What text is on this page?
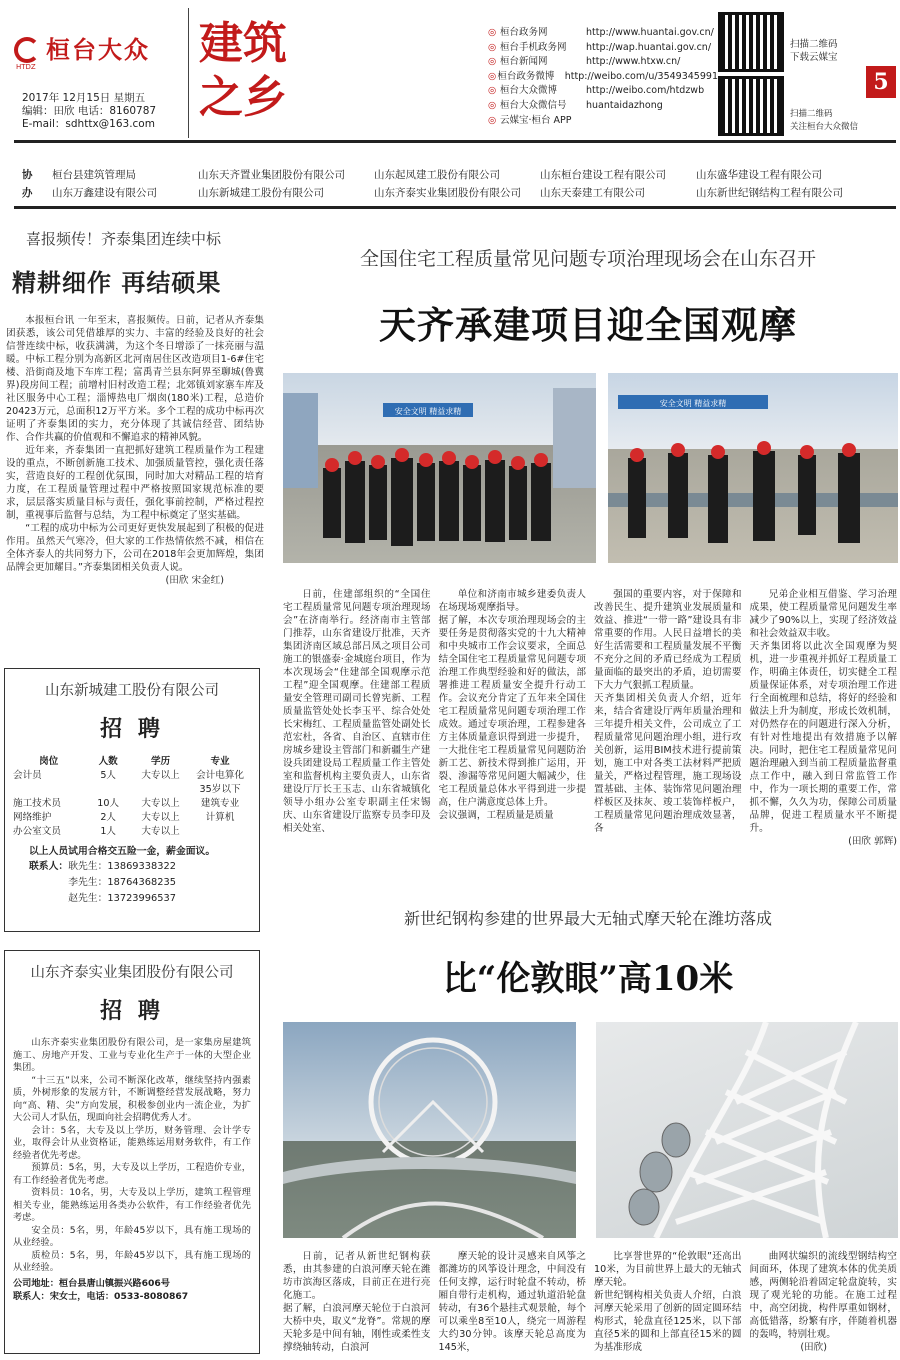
桓台大众
HTDZ
2017年 12月15日 星期五
编辑：田欣 电话：8160787
E-mail：sdhttx@163.com
建筑
之乡
◎ 桓台政务网	http://www.huantai.gov.cn/
◎ 桓台手机政务网	http://wap.huantai.gov.cn/
◎ 桓台新闻网	http://www.htxw.cn/
◎ 桓台政务微博	http://weibo.com/u/3549345991
◎ 桓台大众微博	http://weibo.com/htdzwb
◎ 桓台大众微信号	huantaidazhong
◎ 云媒宝·桓台 APP
扫描二维码
下载云媒宝
扫描二维码
关注桓台大众微信
5
协
办
桓台县建筑管理局	山东天齐置业集团股份有限公司	山东起凤建工股份有限公司	山东桓台建设工程有限公司	山东盛华建设工程有限公司
山东万鑫建设有限公司	山东新城建工股份有限公司	山东齐泰实业集团股份有限公司	山东天泰建工有限公司	山东新世纪钢结构工程有限公司
喜报频传！齐泰集团连续中标
精耕细作 再结硕果
本报桓台讯 一年至末，喜报频传。日前，记者从齐泰集团获悉，该公司凭借雄厚的实力、丰富的经验及良好的社会信誉连续中标，收获满满，为这个冬日增添了一抹亮丽与温暖。中标工程分别为高新区北河南居住区改造项目1-6#住宅楼、沿街商及地下车库工程；富禹青兰县东阿界至聊城(鲁冀界)段房间工程；前增村旧村改造工程；北郊镇刘家寨车库及社区服务中心工程；淄博热电厂烟囱(180米)工程，总造价20423万元，总面积12万平方米。多个工程的成功中标再次证明了齐泰集团的实力，充分体现了其诚信经营、团结协作、合作共赢的价值观和不懈追求的精神风貌。
近年来，齐泰集团一直把抓好建筑工程质量作为工程建设的重点，不断创新施工技术、加强质量管控，强化责任落实，营造良好的工程创优氛围，同时加大对精品工程的培育力度，在工程质量管理过程中严格按照国家规范标准的要求，层层落实质量目标与责任，强化事前控制，严格过程控制，重视事后监督与总结，为工程中标奠定了坚实基础。
“工程的成功中标为公司更好更快发展起到了积极的促进作用。虽然天气寒冷，但大家的工作热情依然不减，相信在全体齐泰人的共同努力下，公司在2018年会更加辉煌，集团品牌会更加耀目。”齐泰集团相关负责人说。
(田欣 宋金红)
山东新城建工股份有限公司
招 聘
岗位	人数	学历	专业
会计员	5人	大专以上	会计电算化
			35岁以下
施工技术员	10人	大专以上	建筑专业
网络维护	2人	大专以上	计算机
办公室文员	1人	大专以上	
以上人员试用合格交五险一金，薪金面议。
联系人： 耿先生：13869338322
李先生：18764368235
赵先生：13723996537
山东齐泰实业集团股份有限公司
招 聘
山东齐泰实业集团股份有限公司，是一家集房屋建筑施工、房地产开发、工业与专业化生产于一体的大型企业集团。
“十三五”以来，公司不断深化改革，继续坚持内强素质，外树形象的发展方针，不断调整经营发展战略，努力向“高、精、尖”方向发展，积极参创业内一流企业，为扩大公司人才队伍，现面向社会招聘优秀人才。
会计：5名，大专及以上学历，财务管理、会计学专业，取得会计从业资格证，能熟练运用财务软件，有工作经验者优先考虑。
预算员：5名，男，大专及以上学历，工程造价专业，有工作经验者优先考虑。
资料员：10名，男，大专及以上学历，建筑工程管理相关专业，能熟练运用各类办公软件，有工作经验者优先考虑。
安全员：5名，男，年龄45岁以下，具有施工现场的从业经验。
质检员：5名，男，年龄45岁以下，具有施工现场的从业经验。
公司地址：桓台县唐山镇振兴路606号
联系人：宋女士，电话：0533-8080867
全国住宅工程质量常见问题专项治理现场会在山东召开
天齐承建项目迎全国观摩
安全文明 精益求精
安全文明 精益求精
日前，住建部组织的“全国住宅工程质量常见问题专项治理现场会”在济南举行。经济南市主管部门推荐，山东省建设厅批准，天齐集团济南区域总部吕凤之项目公司施工的银盛泰·金城庭台项目，作为本次现场会“住建部全国观摩示范工程”迎全国观摩。住建部工程质量安全管理司副司长曾宪新、工程质量监管处处长李玉平、综合处处长宋梅红、工程质量监管处副处长范宏杜，各省、自治区、直辖市住房城乡建设主管部门和新疆生产建设兵团建设局工程质量工作主管处室和监督机构主要负责人，山东省建设厅厅长王玉志、山东省城镇化领导小组办公室专职副主任宋锡庆、山东省建设厅监察专员李印及相关处室、
单位和济南市城乡建委负责人在场现场观摩指导。
据了解，本次专项治理现场会的主要任务是贯彻落实党的十九大精神和中央城市工作会议要求，全面总结全国住宅工程质量常见问题专项治理工作典型经验和好的做法，部署推进工程质量安全提升行动工作。会议充分肯定了五年来全国住宅工程质量常见问题专项治理工作成效。通过专项治理，工程参建各方主体质量意识得到进一步提升，一大批住宅工程质量常见问题防治新工艺、新技术得到推广运用，开裂、渗漏等常见问题大幅减少，住宅工程质量总体水平得到进一步提高，住户满意度总体上升。
会议强调，工程质量是质量
强国的重要内容，对于保障和改善民生、提升建筑业发展质量和效益、推进“一带一路”建设具有非常重要的作用。人民日益增长的美好生活需要和工程质量发展不平衡不充分之间的矛盾已经成为工程质量面临的最突出的矛盾，迫切需要下大力气狠抓工程质量。
天齐集团相关负责人介绍，近年来，结合省建设厅两年质量治理和三年提升相关文件，公司成立了工程质量常见问题治理小组，进行攻关创新，运用BIM技术进行提前策划，施工中对各类工法材料严把质量关，严格过程管理，施工现场设置基础、主体、装饰常见问题治理样板区及抹灰、竣工装饰样板户，工程质量常见问题治理成效显著，各
兄弟企业相互借鉴、学习治理成果，使工程质量常见问题发生率减少了90%以上，实现了经济效益和社会效益双丰收。
天齐集团将以此次全国观摩为契机，进一步重视并抓好工程质量工作，明确主体责任，切实健全工程质量保证体系，对专项治理工作进行全面梳理和总结，将好的经验和做法上升为制度，形成长效机制，对仍然存在的问题进行深入分析，有针对性地提出有效措施予以解决。同时，把住宅工程质量常见问题治理融入到当前工程质量监督重点工作中，融入到日常监管工作中，作为一项长期的重要工作，常抓不懈，久久为功，保障公司质量品牌，促进工程质量水平不断提升。
(田欣 郭辉)
新世纪钢构参建的世界最大无轴式摩天轮在潍坊落成
比“伦敦眼”高10米
日前，记者从新世纪钢构获悉，由其参建的白浪河摩天轮在潍坊市滨海区落成，目前正在进行亮化施工。
据了解，白浪河摩天轮位于白浪河大桥中央，取义“龙脊”。常规的摩天轮多是中间有轴，刚性或柔性支撑绕轴转动，白浪河
摩天轮的设计灵感来自风筝之都潍坊的风筝设计理念，中间没有任何支撑，运行时轮盘不转动，桥厢自带行走机构，通过轨道沿轮盘转动，有36个悬挂式观景舱，每个可以乘坐8至10人，绕完一周游程大约30分钟。该摩天轮总高度为145米，
比享誉世界的“伦敦眼”还高出10米，为目前世界上最大的无轴式摩天轮。
新世纪钢构相关负责人介绍，白浪河摩天轮采用了创新的固定圆环结构形式，轮盘直径125米，以下部直径5米的圆和上部直径15米的圆为基准形成
曲网状编织的流线型钢结构空间面环，体现了建筑本体的优美质感，两侧轮沿着固定轮盘旋转，实现了观光轮的功能。在施工过程中，高空闭拢，构件厚重如钢材，高低错落，纷繁有序，伴随着机器的轰鸣，特别壮观。
(田欣)
